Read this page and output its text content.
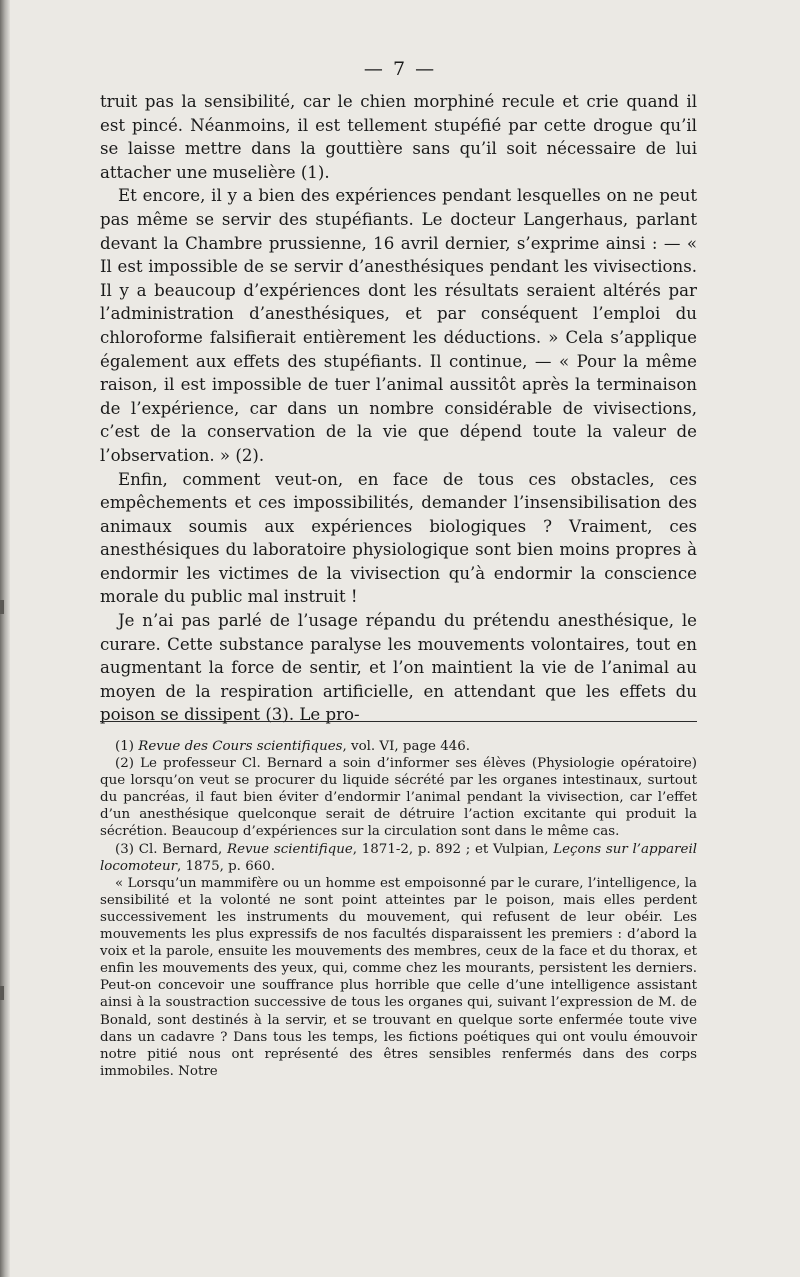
— 7 —

truit pas la sensibilité, car le chien morphiné recule et crie quand il est pincé. Néanmoins, il est tellement stupéfié par cette drogue qu’il se laisse mettre dans la gouttière sans qu’il soit nécessaire de lui attacher une muselière (1).

Et encore, il y a bien des expériences pendant lesquelles on ne peut pas même se servir des stupéfiants. Le docteur Langerhaus, parlant devant la Chambre prussienne, 16 avril dernier, s’exprime ainsi : — « Il est impossible de se servir d’anesthésiques pendant les vivisections. Il y a beaucoup d’expériences dont les résultats seraient altérés par l’administration d’anesthésiques, et par conséquent l’emploi du chloroforme falsifierait entièrement les déductions. » Cela s’applique également aux effets des stupéfiants. Il continue, — « Pour la même raison, il est impossible de tuer l’animal aussitôt après la terminaison de l’expérience, car dans un nombre considérable de vivisections, c’est de la conservation de la vie que dépend toute la valeur de l’observation. » (2).

Enfin, comment veut-on, en face de tous ces obstacles, ces empêchements et ces impossibilités, demander l’insensibilisation des animaux soumis aux expériences biologiques ? Vraiment, ces anesthésiques du laboratoire physiologique sont bien moins propres à endormir les victimes de la vivisection qu’à endormir la conscience morale du public mal instruit !

Je n’ai pas parlé de l’usage répandu du prétendu anesthésique, le curare. Cette substance paralyse les mouvements volontaires, tout en augmentant la force de sentir, et l’on maintient la vie de l’animal au moyen de la respiration artificielle, en attendant que les effets du poison se dissipent (3). Le pro-

(1) Revue des Cours scientifiques, vol. VI, page 446.

(2) Le professeur Cl. Bernard a soin d’informer ses élèves (Physiologie opératoire) que lorsqu’on veut se procurer du liquide sécrété par les organes intestinaux, surtout du pancréas, il faut bien éviter d’endormir l’animal pendant la vivisection, car l’effet d’un anesthésique quelconque serait de détruire l’action excitante qui produit la sécrétion. Beaucoup d’expériences sur la circulation sont dans le même cas.

(3) Cl. Bernard, Revue scientifique, 1871-2, p. 892 ; et Vulpian, Leçons sur l’appareil locomoteur, 1875, p. 660.

« Lorsqu’un mammifère ou un homme est empoisonné par le curare, l’intelligence, la sensibilité et la volonté ne sont point atteintes par le poison, mais elles perdent successivement les instruments du mouvement, qui refusent de leur obéir. Les mouvements les plus expressifs de nos facultés disparaissent les premiers : d’abord la voix et la parole, ensuite les mouvements des membres, ceux de la face et du thorax, et enfin les mouvements des yeux, qui, comme chez les mourants, persistent les derniers. Peut-on concevoir une souffrance plus horrible que celle d’une intelligence assistant ainsi à la soustraction successive de tous les organes qui, suivant l’expression de M. de Bonald, sont destinés à la servir, et se trouvant en quelque sorte enfermée toute vive dans un cadavre ? Dans tous les temps, les fictions poétiques qui ont voulu émouvoir notre pitié nous ont représenté des êtres sensibles renfermés dans des corps immobiles. Notre
